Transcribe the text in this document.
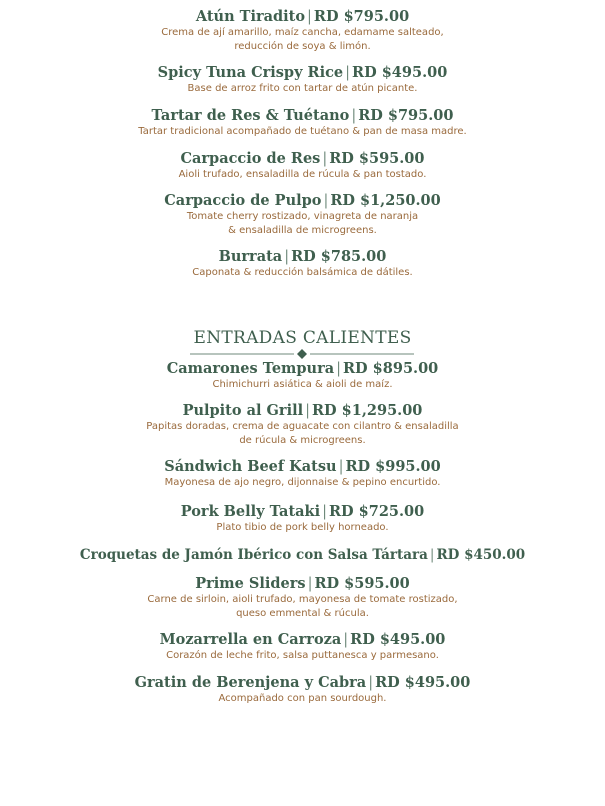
Atún Tiradito | RD $795.00
Crema de ají amarillo, maíz cancha, edamame salteado,
reducción de soya & limón.
Spicy Tuna Crispy Rice | RD $495.00
Base de arroz frito con tartar de atún picante.
Tartar de Res & Tuétano | RD $795.00
Tartar tradicional acompañado de tuétano & pan de masa madre.
Carpaccio de Res | RD $595.00
Aioli trufado, ensaladilla de rúcula & pan tostado.
Carpaccio de Pulpo | RD $1,250.00
Tomate cherry rostizado, vinagreta de naranja
& ensaladilla de microgreens.
Burrata | RD $785.00
Caponata & reducción balsámica de dátiles.
ENTRADAS CALIENTES
Camarones Tempura | RD $895.00
Chimichurri asiática & aioli de maíz.
Pulpito al Grill | RD $1,295.00
Papitas doradas, crema de aguacate con cilantro & ensaladilla
de rúcula & microgreens.
Sándwich Beef Katsu | RD $995.00
Mayonesa de ajo negro, dijonnaise & pepino encurtido.
Pork Belly Tataki | RD $725.00
Plato tibio de pork belly horneado.
Croquetas de Jamón Ibérico con Salsa Tártara | RD $450.00
Prime Sliders | RD $595.00
Carne de sirloin, aioli trufado, mayonesa de tomate rostizado,
queso emmental & rúcula.
Mozarrella en Carroza | RD $495.00
Corazón de leche frito, salsa puttanesca y parmesano.
Gratin de Berenjena y Cabra | RD $495.00
Acompañado con pan sourdough.
